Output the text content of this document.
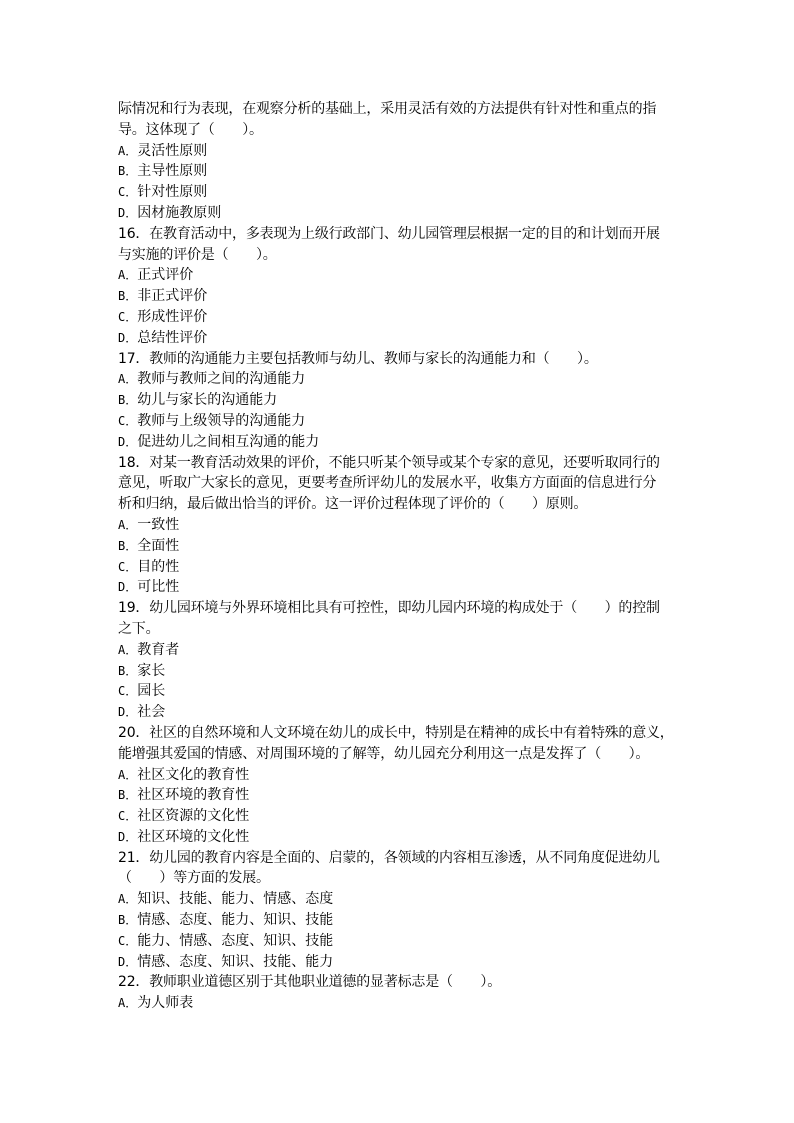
际情况和行为表现，在观察分析的基础上，采用灵活有效的方法提供有针对性和重点的指
导。这体现了（　　）。
A．灵活性原则
B．主导性原则
C．针对性原则
D．因材施教原则
16．在教育活动中，多表现为上级行政部门、幼儿园管理层根据一定的目的和计划而开展
与实施的评价是（　　）。
A．正式评价
B．非正式评价
C．形成性评价
D．总结性评价
17．教师的沟通能力主要包括教师与幼儿、教师与家长的沟通能力和（　　）。
A．教师与教师之间的沟通能力
B．幼儿与家长的沟通能力
C．教师与上级领导的沟通能力
D．促进幼儿之间相互沟通的能力
18．对某一教育活动效果的评价，不能只听某个领导或某个专家的意见，还要听取同行的
意见，听取广大家长的意见，更要考查所评幼儿的发展水平，收集方方面面的信息进行分
析和归纳，最后做出恰当的评价。这一评价过程体现了评价的（　　）原则。
A．一致性
B．全面性
C．目的性
D．可比性
19．幼儿园环境与外界环境相比具有可控性，即幼儿园内环境的构成处于（　　）的控制
之下。
A．教育者
B．家长
C．园长
D．社会
20．社区的自然环境和人文环境在幼儿的成长中，特别是在精神的成长中有着特殊的意义，
能增强其爱国的情感、对周围环境的了解等，幼儿园充分利用这一点是发挥了（　　）。
A．社区文化的教育性
B．社区环境的教育性
C．社区资源的文化性
D．社区环境的文化性
21．幼儿园的教育内容是全面的、启蒙的，各领域的内容相互渗透，从不同角度促进幼儿
（　　）等方面的发展。
A．知识、技能、能力、情感、态度
B．情感、态度、能力、知识、技能
C．能力、情感、态度、知识、技能
D．情感、态度、知识、技能、能力
22．教师职业道德区别于其他职业道德的显著标志是（　　）。
A．为人师表
